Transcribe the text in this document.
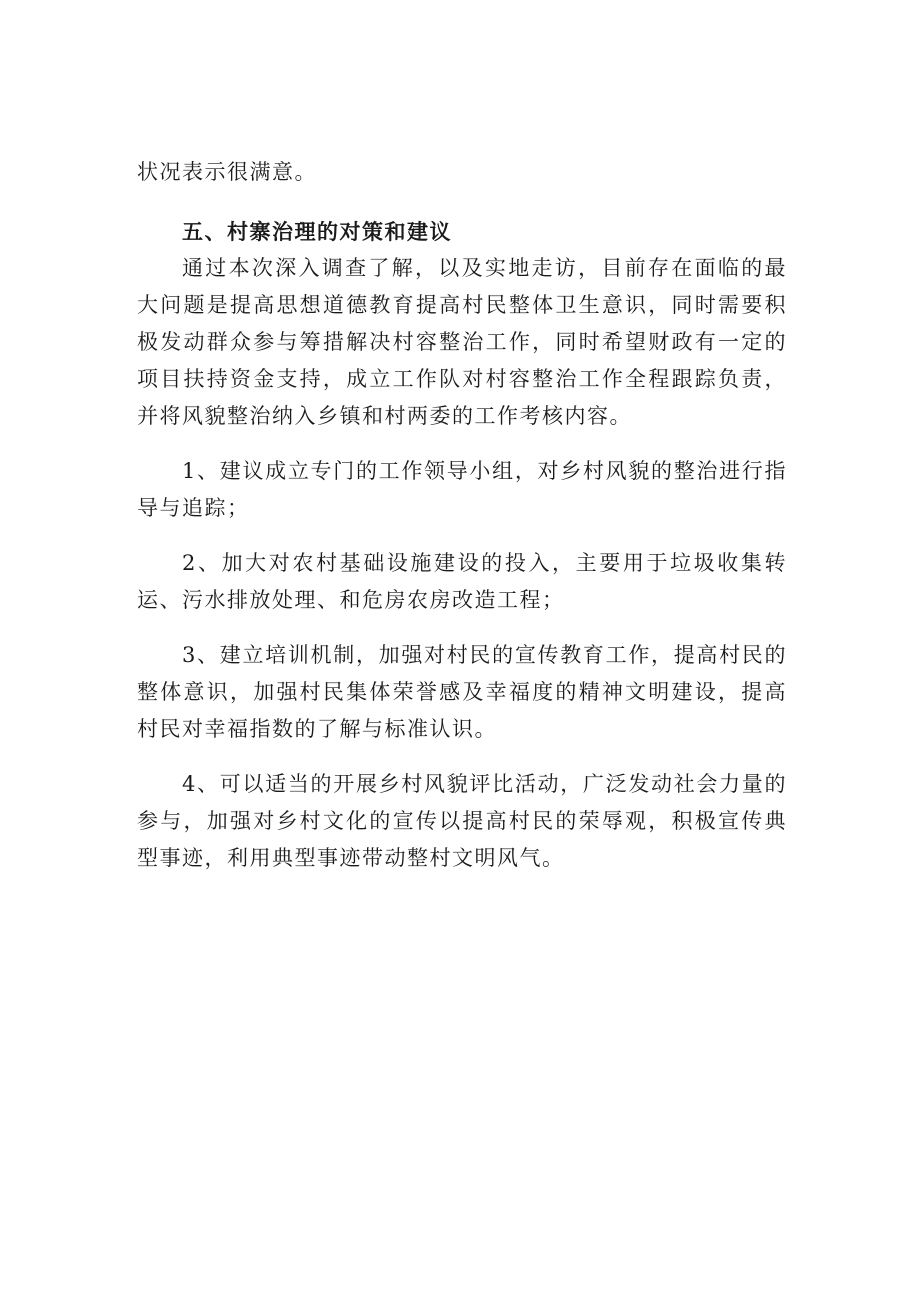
状况表示很满意。

五、村寨治理的对策和建议

通过本次深入调查了解，以及实地走访，目前存在面临的最大问题是提高思想道德教育提高村民整体卫生意识，同时需要积极发动群众参与筹措解决村容整治工作，同时希望财政有一定的项目扶持资金支持，成立工作队对村容整治工作全程跟踪负责，并将风貌整治纳入乡镇和村两委的工作考核内容。

1、建议成立专门的工作领导小组，对乡村风貌的整治进行指导与追踪；

2、加大对农村基础设施建设的投入，主要用于垃圾收集转运、污水排放处理、和危房农房改造工程；

3、建立培训机制，加强对村民的宣传教育工作，提高村民的整体意识，加强村民集体荣誉感及幸福度的精神文明建设，提高村民对幸福指数的了解与标准认识。

4、可以适当的开展乡村风貌评比活动，广泛发动社会力量的参与，加强对乡村文化的宣传以提高村民的荣辱观，积极宣传典型事迹，利用典型事迹带动整村文明风气。
